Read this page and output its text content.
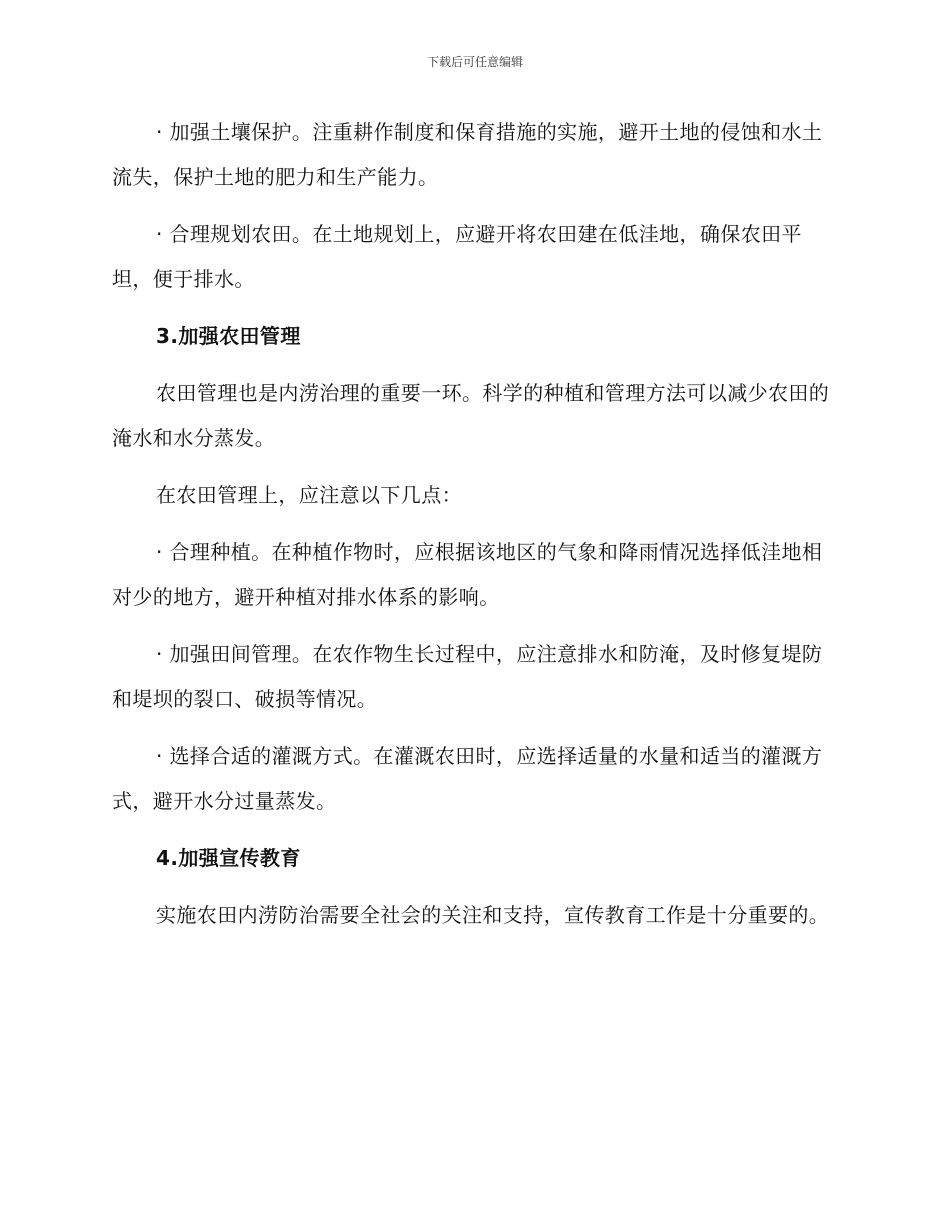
下载后可任意编辑

· 加强土壤保护。注重耕作制度和保育措施的实施，避开土地的侵蚀和水土流失，保护土地的肥力和生产能力。

· 合理规划农田。在土地规划上，应避开将农田建在低洼地，确保农田平坦，便于排水。

3.加强农田管理

农田管理也是内涝治理的重要一环。科学的种植和管理方法可以减少农田的淹水和水分蒸发。

在农田管理上，应注意以下几点：

· 合理种植。在种植作物时，应根据该地区的气象和降雨情况选择低洼地相对少的地方，避开种植对排水体系的影响。

· 加强田间管理。在农作物生长过程中，应注意排水和防淹，及时修复堤防和堤坝的裂口、破损等情况。

· 选择合适的灌溉方式。在灌溉农田时，应选择适量的水量和适当的灌溉方式，避开水分过量蒸发。

4.加强宣传教育

实施农田内涝防治需要全社会的关注和支持，宣传教育工作是十分重要的。
